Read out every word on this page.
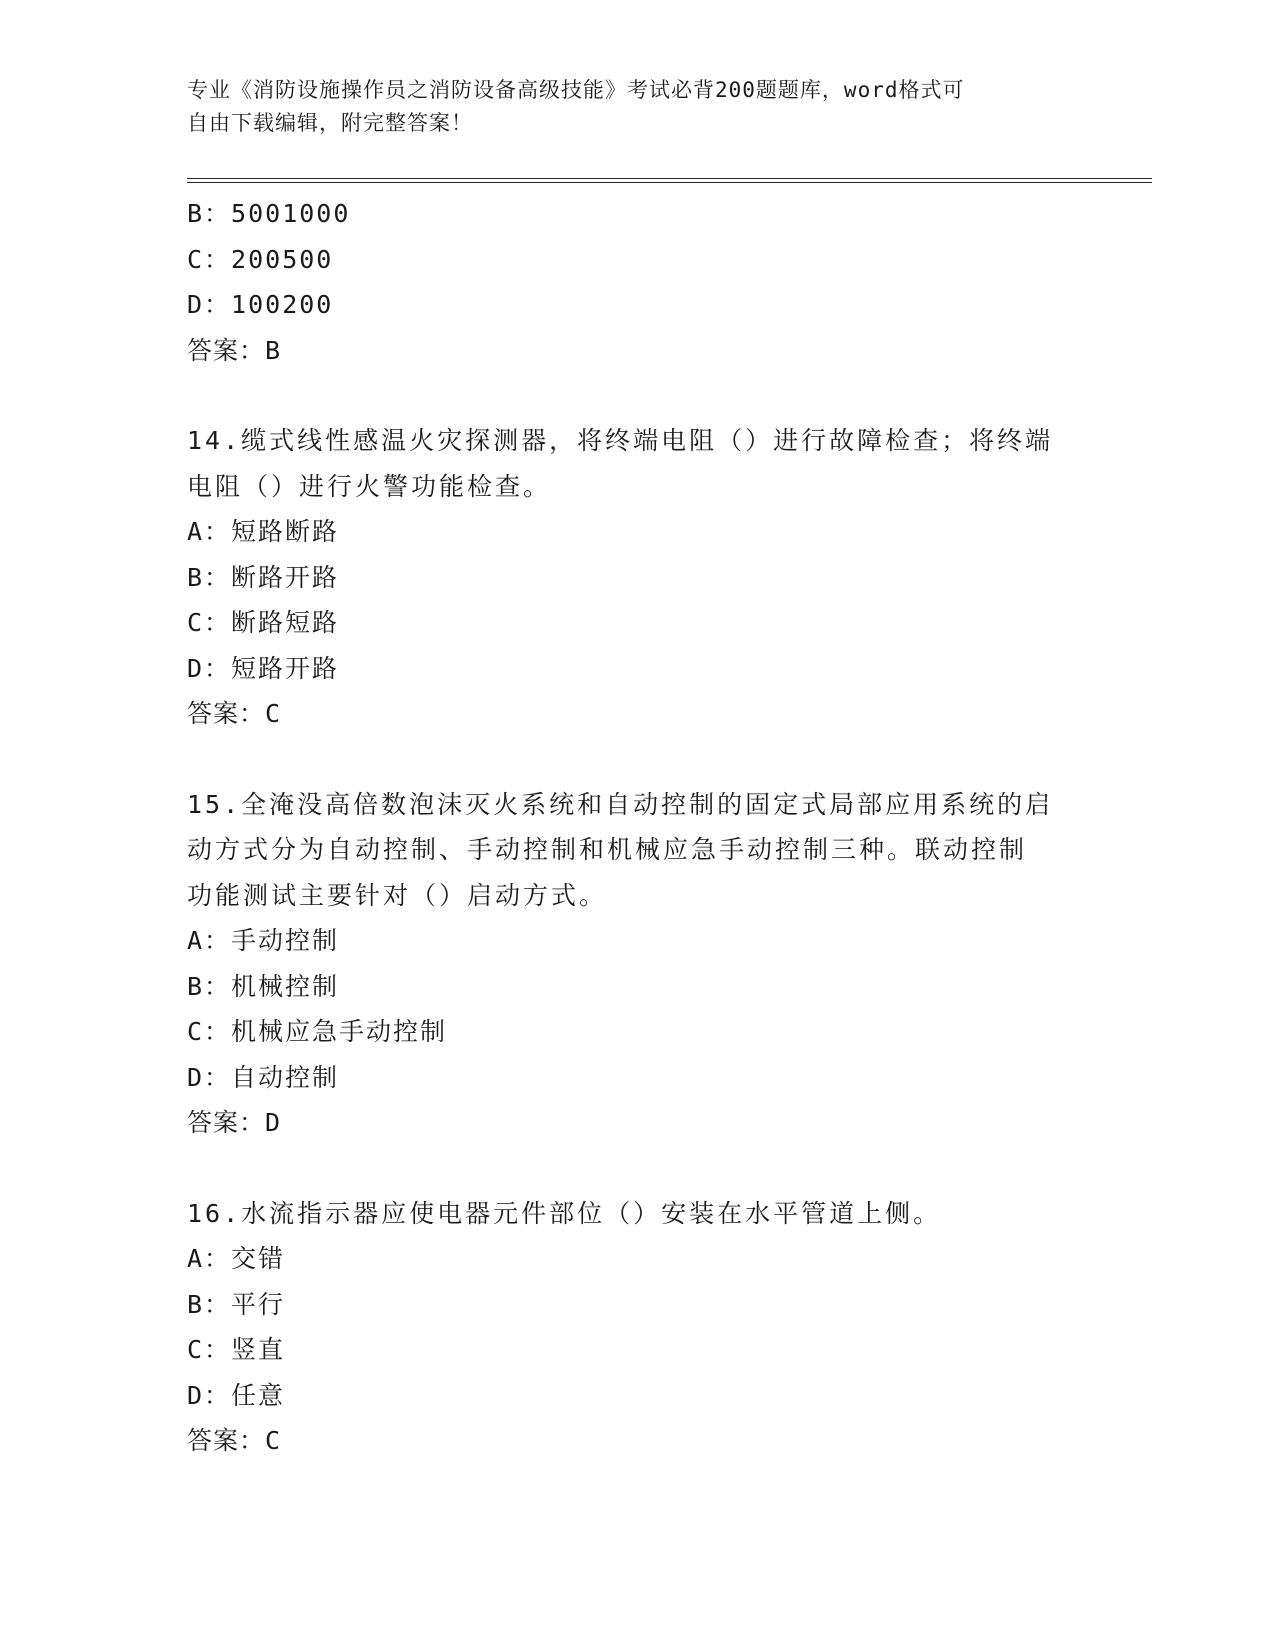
专业《消防设施操作员之消防设备高级技能》考试必背200题题库，word格式可
自由下载编辑，附完整答案！
B：5001000
C：200500
D：100200
答案：B
14.缆式线性感温火灾探测器，将终端电阻（）进行故障检查；将终端
电阻（）进行火警功能检查。
A：短路断路
B：断路开路
C：断路短路
D：短路开路
答案：C
15.全淹没高倍数泡沫灭火系统和自动控制的固定式局部应用系统的启
动方式分为自动控制、手动控制和机械应急手动控制三种。联动控制
功能测试主要针对（）启动方式。
A：手动控制
B：机械控制
C：机械应急手动控制
D：自动控制
答案：D
16.水流指示器应使电器元件部位（）安装在水平管道上侧。
A：交错
B：平行
C：竖直
D：任意
答案：C
